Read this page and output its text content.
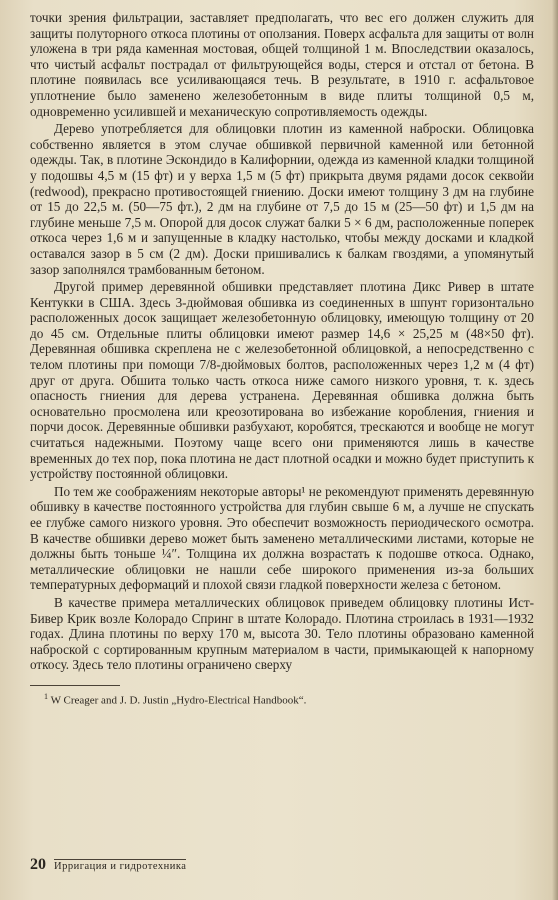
точки зрения фильтрации, заставляет предполагать, что вес его должен служить для защиты полуторного откоса плотины от оползания. Поверх асфальта для защиты от волн уложена в три ряда каменная мостовая, общей толщиной 1 м. Впоследствии оказалось, что чистый асфальт пострадал от фильтрующейся воды, стерся и отстал от бетона. В плотине появилась все усиливающаяся течь. В результате, в 1910 г. асфальтовое уплотнение было заменено железобетонным в виде плиты толщиной 0,5 м, одновременно усилившей и механическую сопротивляемость одежды.

Дерево употребляется для облицовки плотин из каменной наброски. Облицовка собственно является в этом случае обшивкой первичной каменной или бетонной одежды. Так, в плотине Эскондидо в Калифорнии, одежда из каменной кладки толщиной у подошвы 4,5 м (15 фт) и у верха 1,5 м (5 фт) прикрыта двумя рядами досок секвойи (redwood), прекрасно противостоящей гниению. Доски имеют толщину 3 дм на глубине от 15 до 22,5 м. (50—75 фт.), 2 дм на глубине от 7,5 до 15 м (25—50 фт) и 1,5 дм на глубине меньше 7,5 м. Опорой для досок служат балки 5 × 6 дм, расположенные поперек откоса через 1,6 м и запущенные в кладку настолько, чтобы между досками и кладкой оставался зазор в 5 см (2 дм). Доски пришивались к балкам гвоздями, а упомянутый зазор заполнялся трамбованным бетоном.

Другой пример деревянной обшивки представляет плотина Дикс Ривер в штате Кентукки в США. Здесь 3-дюймовая обшивка из соединенных в шпунт горизонтально расположенных досок защищает железобетонную облицовку, имеющую толщину от 20 до 45 см. Отдельные плиты облицовки имеют размер 14,6 × 25,25 м (48×50 фт). Деревянная обшивка скреплена не с железобетонной облицовкой, а непосредственно с телом плотины при помощи 7/8-дюймовых болтов, расположенных через 1,2 м (4 фт) друг от друга. Обшита только часть откоса ниже самого низкого уровня, т. к. здесь опасность гниения для дерева устранена. Деревянная обшивка должна быть основательно просмолена или креозотирована во избежание коробления, гниения и порчи досок. Деревянные обшивки разбухают, коробятся, трескаются и вообще не могут считаться надежными. Поэтому чаще всего они применяются лишь в качестве временных до тех пор, пока плотина не даст плотной осадки и можно будет приступить к устройству постоянной облицовки.

По тем же соображениям некоторые авторы¹ не рекомендуют применять деревянную обшивку в качестве постоянного устройства для глубин свыше 6 м, а лучше не спускать ее глубже самого низкого уровня. Это обеспечит возможность периодического осмотра. В качестве обшивки дерево может быть заменено металлическими листами, которые не должны быть тоньше ¼″. Толщина их должна возрастать к подошве откоса. Однако, металлические облицовки не нашли себе широкого применения из-за больших температурных деформаций и плохой связи гладкой поверхности железа с бетоном.

В качестве примера металлических облицовок приведем облицовку плотины Ист-Бивер Крик возле Колорадо Спринг в штате Колорадо. Плотина строилась в 1931—1932 годах. Длина плотины по верху 170 м, высота 30. Тело плотины образовано каменной наброской с сортированным крупным материалом в части, примыкающей к напорному откосу. Здесь тело плотины ограничено сверху

$^1$ W Creager and J. D. Justin „Hydro-Electrical Handbook“.
20 Ирригация и гидротехника
